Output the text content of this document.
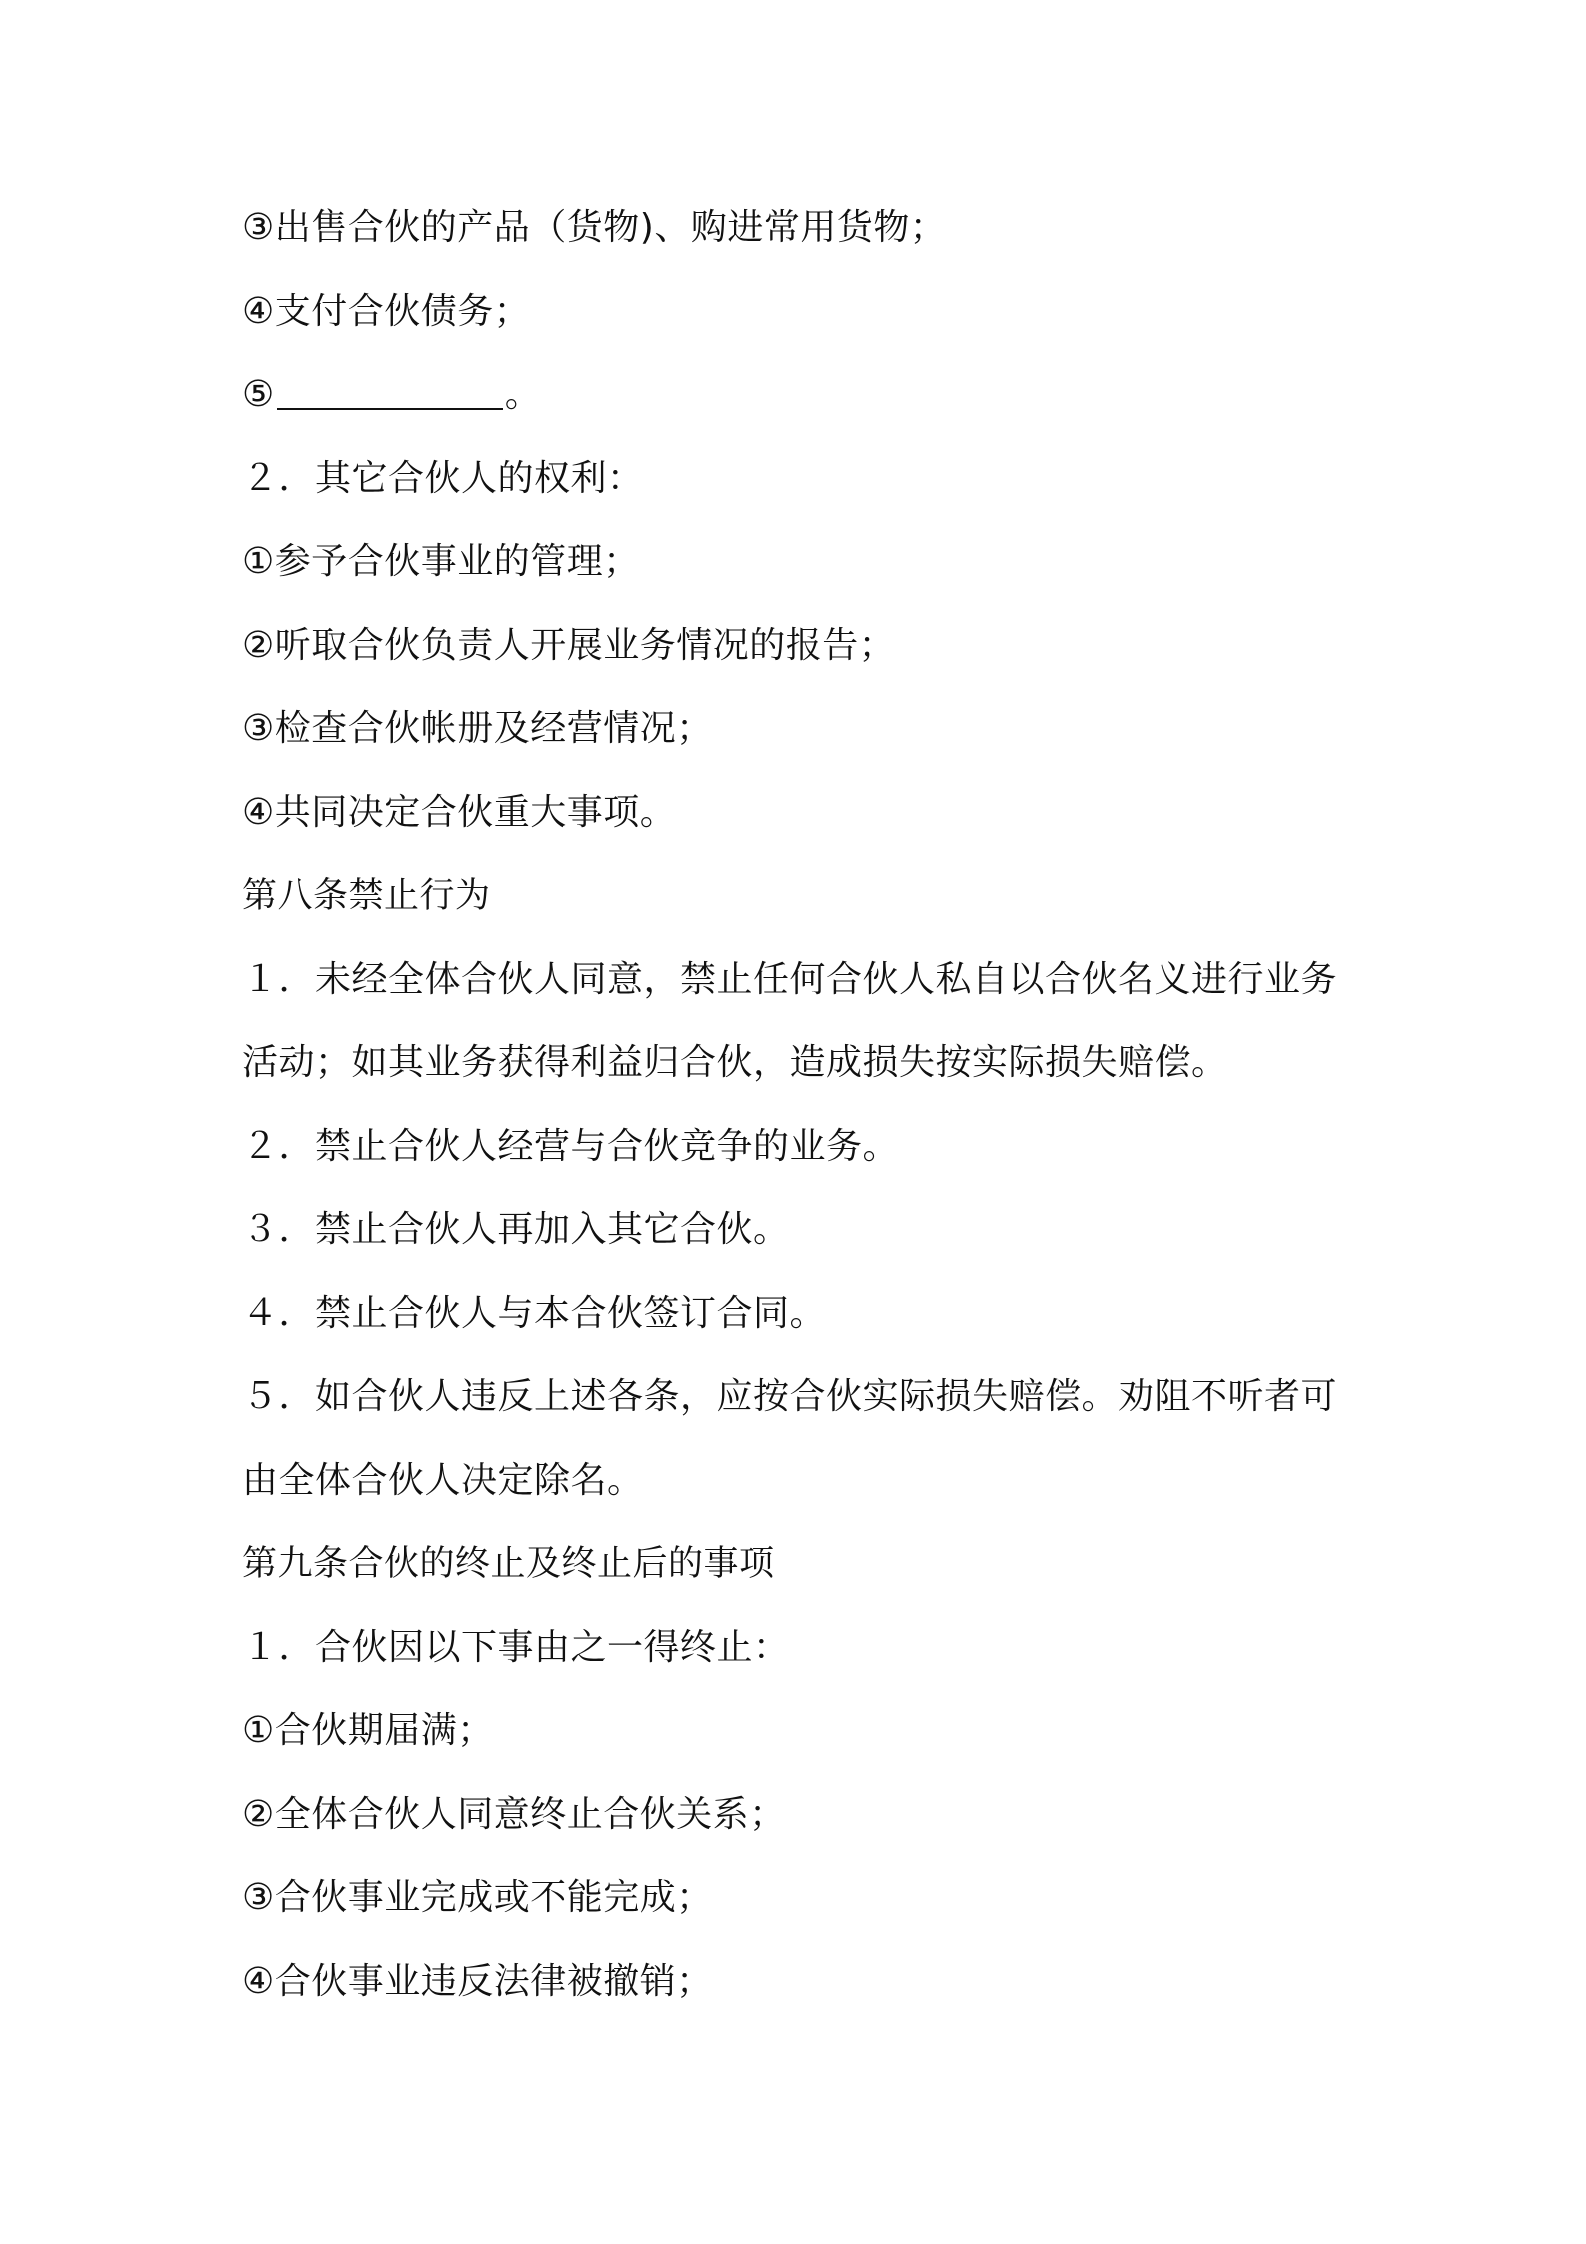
③出售合伙的产品（货物)、购进常用货物；
④支付合伙债务；
⑤	。
２．其它合伙人的权利：
①参予合伙事业的管理；
②听取合伙负责人开展业务情况的报告；
③检查合伙帐册及经营情况；
④共同决定合伙重大事项。
第八条禁止行为
１．未经全体合伙人同意，禁止任何合伙人私自以合伙名义进行业务
活动；如其业务获得利益归合伙，造成损失按实际损失赔偿。
２．禁止合伙人经营与合伙竞争的业务。
３．禁止合伙人再加入其它合伙。
４．禁止合伙人与本合伙签订合同。
５．如合伙人违反上述各条，应按合伙实际损失赔偿。劝阻不听者可
由全体合伙人决定除名。
第九条合伙的终止及终止后的事项
１．合伙因以下事由之一得终止：
①合伙期届满；
②全体合伙人同意终止合伙关系；
③合伙事业完成或不能完成；
④合伙事业违反法律被撤销；
